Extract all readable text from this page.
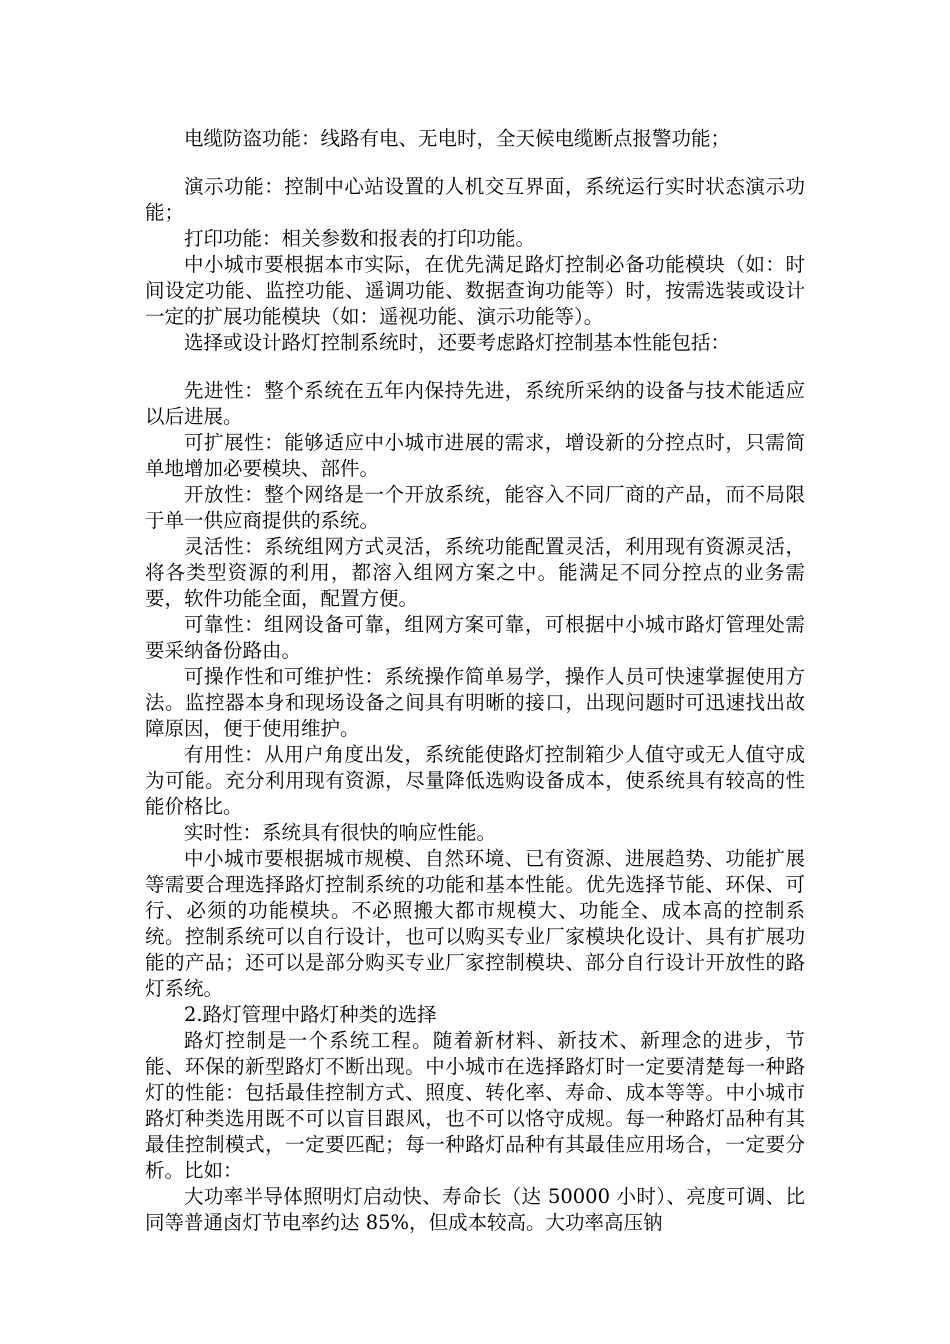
电缆防盗功能：线路有电、无电时，全天候电缆断点报警功能；

演示功能：控制中心站设置的人机交互界面，系统运行实时状态演示功能；

打印功能：相关参数和报表的打印功能。

中小城市要根据本市实际，在优先满足路灯控制必备功能模块（如：时间设定功能、监控功能、遥调功能、数据查询功能等）时，按需选装或设计一定的扩展功能模块（如：遥视功能、演示功能等）。

选择或设计路灯控制系统时，还要考虑路灯控制基本性能包括：

先进性：整个系统在五年内保持先进，系统所采纳的设备与技术能适应以后进展。

可扩展性：能够适应中小城市进展的需求，增设新的分控点时，只需简单地增加必要模块、部件。

开放性：整个网络是一个开放系统，能容入不同厂商的产品，而不局限于单一供应商提供的系统。

灵活性：系统组网方式灵活，系统功能配置灵活，利用现有资源灵活，将各类型资源的利用，都溶入组网方案之中。能满足不同分控点的业务需要，软件功能全面，配置方便。

可靠性：组网设备可靠，组网方案可靠，可根据中小城市路灯管理处需要采纳备份路由。

可操作性和可维护性：系统操作简单易学，操作人员可快速掌握使用方法。监控器本身和现场设备之间具有明晰的接口，出现问题时可迅速找出故障原因，便于使用维护。

有用性：从用户角度出发，系统能使路灯控制箱少人值守或无人值守成为可能。充分利用现有资源，尽量降低选购设备成本，使系统具有较高的性能价格比。

实时性：系统具有很快的响应性能。

中小城市要根据城市规模、自然环境、已有资源、进展趋势、功能扩展等需要合理选择路灯控制系统的功能和基本性能。优先选择节能、环保、可行、必须的功能模块。不必照搬大都市规模大、功能全、成本高的控制系统。控制系统可以自行设计，也可以购买专业厂家模块化设计、具有扩展功能的产品；还可以是部分购买专业厂家控制模块、部分自行设计开放性的路灯系统。

2.路灯管理中路灯种类的选择

路灯控制是一个系统工程。随着新材料、新技术、新理念的进步，节能、环保的新型路灯不断出现。中小城市在选择路灯时一定要清楚每一种路灯的性能：包括最佳控制方式、照度、转化率、寿命、成本等等。中小城市路灯种类选用既不可以盲目跟风，也不可以恪守成规。每一种路灯品种有其最佳控制模式，一定要匹配；每一种路灯品种有其最佳应用场合，一定要分析。比如：

大功率半导体照明灯启动快、寿命长（达 50000 小时）、亮度可调、比同等普通卤灯节电率约达 85%，但成本较高。大功率高压钠
